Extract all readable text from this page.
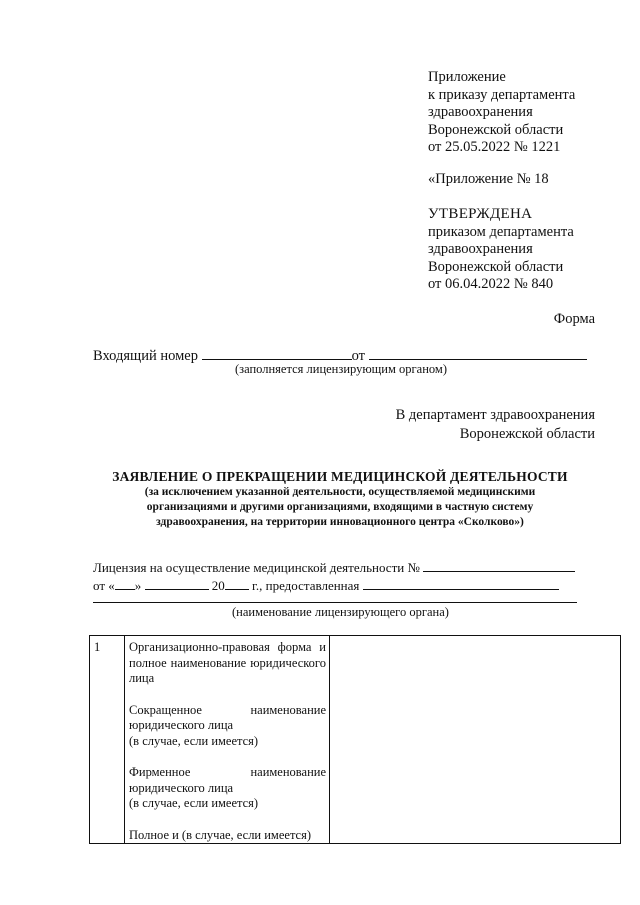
Приложение
к приказу департамента
здравоохранения
Воронежской области
от 25.05.2022 № 1221
«Приложение № 18
УТВЕРЖДЕНА
приказом департамента
здравоохранения
Воронежской области
от 06.04.2022 № 840
Форма
Входящий номер	от
(заполняется лицензирующим органом)
В департамент здравоохранения
Воронежской области
ЗАЯВЛЕНИЕ О ПРЕКРАЩЕНИИ МЕДИЦИНСКОЙ ДЕЯТЕЛЬНОСТИ
(за исключением указанной деятельности, осуществляемой медицинскими
организациями и другими организациями, входящими в частную систему
здравоохранения, на территории инновационного центра «Сколково»)
Лицензия на осуществление медицинской деятельности №
от « »	20 г., предоставленная
(наименование лицензирующего органа)
1	Организационно-правовая форма и полное наименование юридического лица
Сокращенное наименование юридического лица
(в случае, если имеется)
Фирменное наименование юридического лица
(в случае, если имеется)
Полное и (в случае, если имеется)
